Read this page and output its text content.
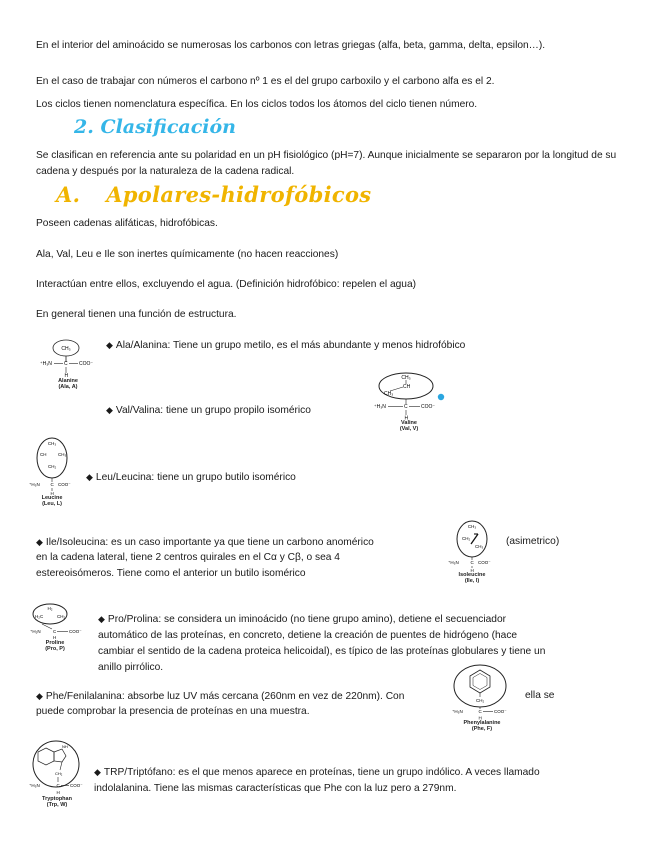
En el interior del aminoácido se numerosas los carbonos con letras griegas (alfa, beta, gamma, delta, epsilon…).

En el caso de trabajar con números el carbono nº 1 es el del grupo carboxilo y el carbono alfa es el 2.

Los ciclos tienen nomenclatura específica. En los ciclos todos los átomos del ciclo tienen número.

2. Clasificación

Se clasifican en referencia ante su polaridad en un pH fisiológico (pH=7). Aunque inicialmente se separaron por la longitud de su cadena y después por la naturaleza de la cadena radical.

A. Apolares-hidrofóbicos

Poseen cadenas alifáticas, hidrofóbicas.

Ala, Val, Leu e Ile son inertes químicamente (no hacen reacciones)

Interactúan entre ellos, excluyendo el agua. (Definición hidrofóbico: repelen el agua)

En general tienen una función de estructura.

CH₃
⁺H₃N C COO⁻
H
Alanine
(Ala, A)
◆ Ala/Alanina: Tiene un grupo metilo, es el más abundante y menos hidrofóbico
CH₃
CH
CH₃
⁺H₃N	C	COO⁻
H
Valine
(Val, V)
◆ Val/Valina: tiene un grupo propilo isomérico
CH₃
CH	CH₃
CH₂
⁺H₃N C COO⁻
H
Leucine
(Leu, L)
◆ Leu/Leucina: tiene un grupo butilo isomérico
◆ Ile/Isoleucina: es un caso importante ya que tiene un carbono anomérico
CH₃
CH₂
CH₃
⁺H₃N	C COO⁻
H
Isoleucine
(Ile, I)
(asimetrico)

en la cadena lateral, tiene 2 centros quirales en el Cα y Cβ, o sea 4 estereoisómeros. Tiene como el anterior un butilo isomérico

H₂
H₂C	CH₂
⁺H₂N	C	COO⁻
H
Proline
(Pro, P)

◆ Pro/Prolina: se considera un iminoácido (no tiene grupo amino), detiene el secuenciador automático de las proteínas, en concreto, detiene la creación de puentes de hidrógeno (hace cambiar el sentido de la cadena proteica helicoidal), es típico de las proteínas globulares y tiene un anillo pirrólico.

◆ Phe/Fenilalanina: absorbe luz UV más cercana (260nm en vez de 220nm). Con	CH₂
⁺H₃N	C	COO⁻
H
Phenylalanine
(Phe, F)
ella se

puede comprobar la presencia de proteínas en una muestra.

NH
CH₂
⁺H₃N	C COO⁻
H
Tryptophan
(Trp, W)

◆ TRP/Triptófano: es el que menos aparece en proteínas, tiene un grupo indólico. A veces llamado indolalanina. Tiene las mismas características que Phe con la luz pero a 279nm.
